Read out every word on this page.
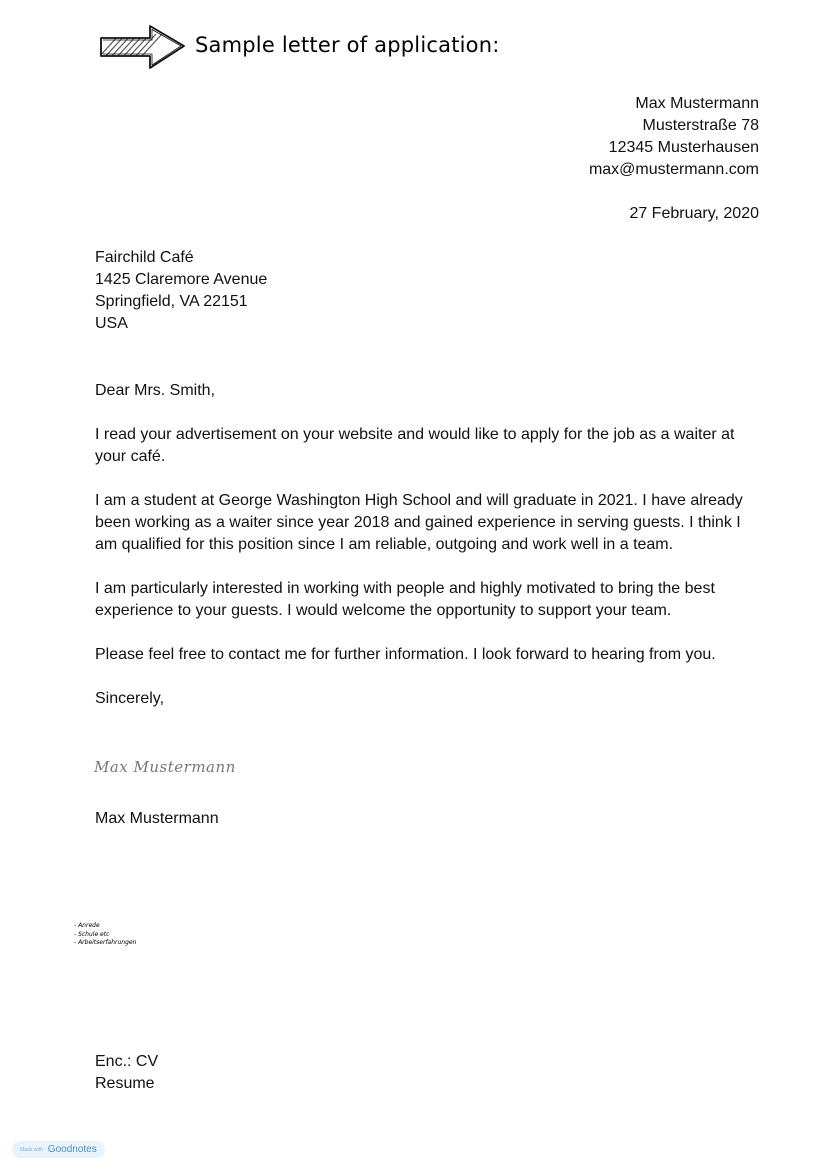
Sample letter of application:
Max Mustermann
Musterstraße 78
12345 Musterhausen
max@mustermann.com
27 February, 2020
Fairchild Café
1425 Claremore Avenue
Springfield, VA 22151
USA

Dear Mrs. Smith,

I read your advertisement on your website and would like to apply for the job as a waiter at your café.

I am a student at George Washington High School and will graduate in 2021. I have already been working as a waiter since year 2018 and gained experience in serving guests. I think I am qualified for this position since I am reliable, outgoing and work well in a team.

I am particularly interested in working with people and highly motivated to bring the best experience to your guests. I would welcome the opportunity to support your team.

Please feel free to contact me for further information. I look forward to hearing from you.

Sincerely,

Max Mustermann
Max Mustermann
- Anrede
- Schule etc
- Arbeitserfahrungen
Enc.: CV
Resume
Made with Goodnotes
